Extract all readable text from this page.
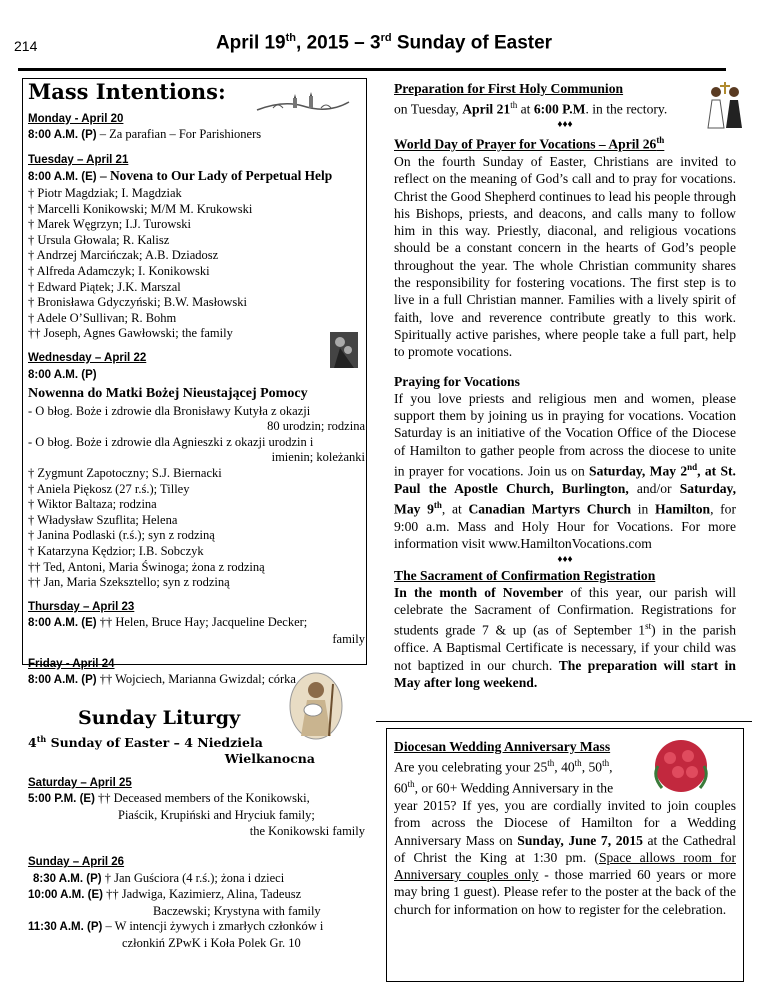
214	April 19th, 2015 – 3rd Sunday of Easter
Mass Intentions:
Monday - April 20
8:00 A.M. (P) – Za parafian – For Parishioners
Tuesday – April 21
8:00 A.M. (E) – Novena to Our Lady of Perpetual Help
† Piotr Magdziak; I. Magdziak
† Marcelli Konikowski; M/M M. Krukowski
† Marek Węgrzyn; I.J. Turowski
† Ursula Głowala; R. Kalisz
† Andrzej Marcińczak; A.B. Dziadosz
† Alfreda Adamczyk; I. Konikowski
† Edward Piątek; J.K. Marszal
† Bronisława Gdyczyński; B.W. Masłowski
† Adele O’Sullivan; R. Bohm
†† Joseph, Agnes Gawłowski; the family
Wednesday – April 22
8:00 A.M. (P)
Nowenna do Matki Bożej Nieustającej Pomocy
- O błog. Boże i zdrowie dla Bronisławy Kutyła z okazji
80 urodzin; rodzina
- O błog. Boże i zdrowie dla Agnieszki z okazji urodzin i
imienin; koleżanki
† Zygmunt Zapotoczny; S.J. Biernacki
† Aniela Piękosz (27 r.ś.); Tilley
† Wiktor Baltaza; rodzina
† Władysław Szuflita; Helena
† Janina Podlaski (r.ś.); syn z rodziną
† Katarzyna Kędzior; I.B. Sobczyk
†† Ted, Antoni, Maria Świnoga; żona z rodziną
†† Jan, Maria Szeksztello; syn z rodziną
Thursday – April 23
8:00 A.M. (E) †† Helen, Bruce Hay; Jacqueline Decker;
family
Friday - April 24
8:00 A.M. (P) †† Wojciech, Marianna Gwizdal; córka
Sunday Liturgy
4th Sunday of Easter – 4 Niedziela
Wielkanocna
Saturday – April 25
5:00 P.M. (E) †† Deceased members of the Konikowski,
Piaścik, Krupiński and Hryciuk family;
the Konikowski family
Sunday – April 26
8:30 A.M. (P) † Jan Guściora (4 r.ś.); żona i dzieci
10:00 A.M. (E) †† Jadwiga, Kazimierz, Alina, Tadeusz
Baczewski; Krystyna with family
11:30 A.M. (P) – W intencji żywych i zmarłych członków i
członkiń ZPwK i Koła Polek Gr. 10
Preparation for First Holy Communion
on Tuesday, April 21th at 6:00 P.M. in the rectory.
♦♦♦
World Day of Prayer for Vocations – April 26th
On the fourth Sunday of Easter, Christians are invited to reflect on the meaning of God’s call and to pray for vocations. Christ the Good Shepherd continues to lead his people through his Bishops, priests, and deacons, and calls many to follow him in this way. Priestly, diaconal, and religious vocations should be a constant concern in the hearts of God’s people throughout the year. The whole Christian community shares the responsibility for fostering vocations. The first step is to live in a full Christian manner. Families with a lively spirit of faith, love and reverence contribute greatly to this work. Spiritually active parishes, where people take a full part, help to promote vocations.
Praying for Vocations
If you love priests and religious men and women, please support them by joining us in praying for vocations. Vocation Saturday is an initiative of the Vocation Office of the Diocese of Hamilton to gather people from across the diocese to unite in prayer for vocations. Join us on Saturday, May 2nd, at St. Paul the Apostle Church, Burlington, and/or Saturday, May 9th, at Canadian Martyrs Church in Hamilton, for 9:00 a.m. Mass and Holy Hour for Vocations. For more information visit www.HamiltonVocations.com
♦♦♦
The Sacrament of Confirmation Registration
In the month of November of this year, our parish will celebrate the Sacrament of Confirmation. Registrations for students grade 7 & up (as of September 1st) in the parish office. A Baptismal Certificate is necessary, if your child was not baptized in our church. The preparation will start in May after long weekend.
Diocesan Wedding Anniversary Mass
Are you celebrating your 25th, 40th, 50th,
60th, or 60+ Wedding Anniversary in the
year 2015? If yes, you are cordially invited to join couples from across the Diocese of Hamilton for a Wedding Anniversary Mass on Sunday, June 7, 2015 at the Cathedral of Christ the King at 1:30 pm. (Space allows room for Anniversary couples only - those married 60 years or more may bring 1 guest). Please refer to the poster at the back of the church for information on how to register for the celebration.
